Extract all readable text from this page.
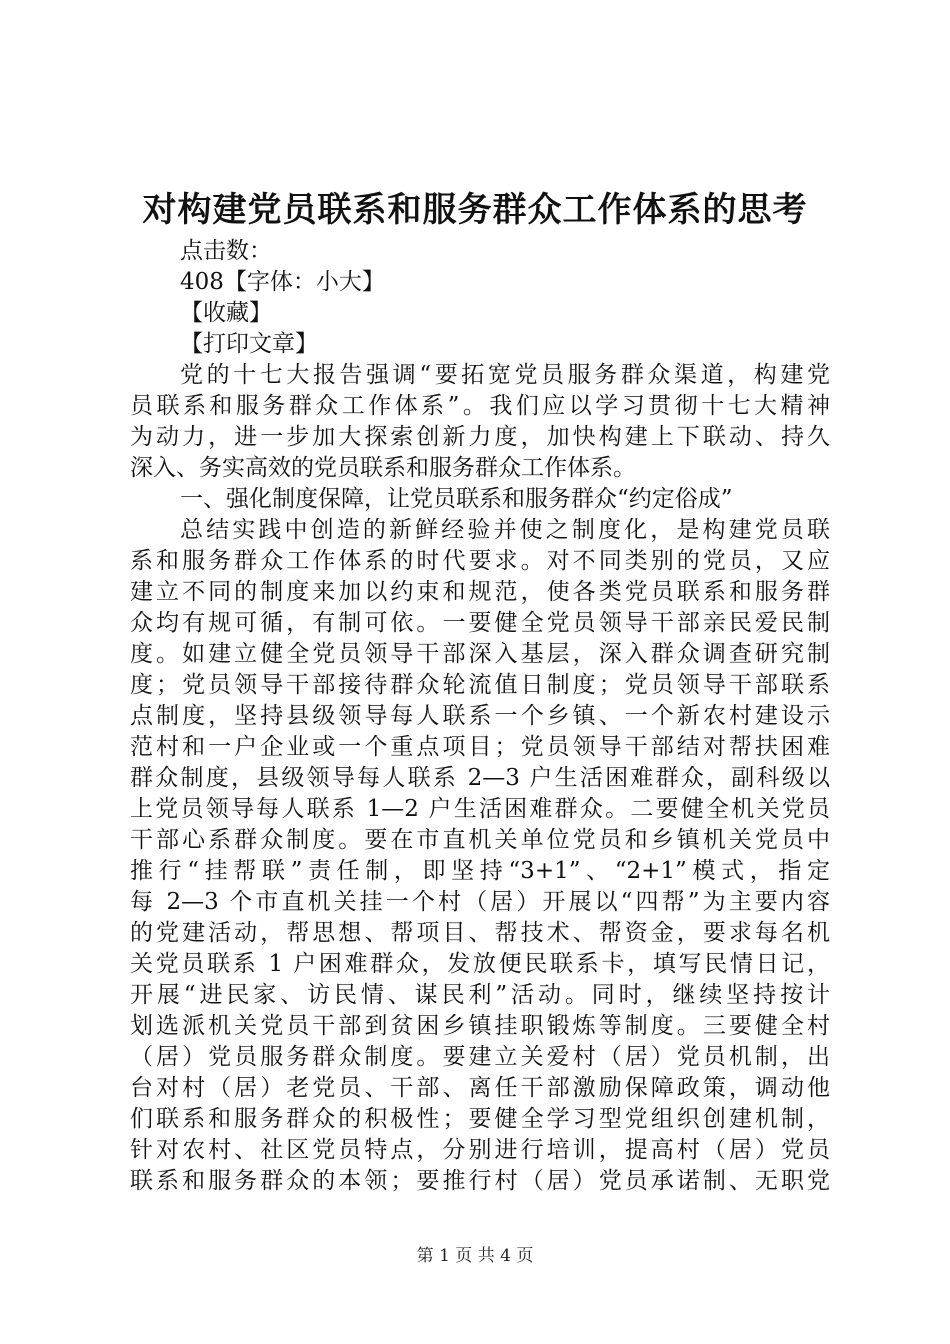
对构建党员联系和服务群众工作体系的思考
点击数：
408【字体：小大】
【收藏】
【打印文章】
党的十七大报告强调“要拓宽党员服务群众渠道，构建党
员联系和服务群众工作体系”。我们应以学习贯彻十七大精神
为动力，进一步加大探索创新力度，加快构建上下联动、持久
深入、务实高效的党员联系和服务群众工作体系。
一、强化制度保障，让党员联系和服务群众“约定俗成”
总结实践中创造的新鲜经验并使之制度化，是构建党员联
系和服务群众工作体系的时代要求。对不同类别的党员，又应
建立不同的制度来加以约束和规范，使各类党员联系和服务群
众均有规可循，有制可依。一要健全党员领导干部亲民爱民制
度。如建立健全党员领导干部深入基层，深入群众调查研究制
度；党员领导干部接待群众轮流值日制度；党员领导干部联系
点制度，坚持县级领导每人联系一个乡镇、一个新农村建设示
范村和一户企业或一个重点项目；党员领导干部结对帮扶困难
群众制度，县级领导每人联系 2—3 户生活困难群众，副科级以
上党员领导每人联系 1—2 户生活困难群众。二要健全机关党员
干部心系群众制度。要在市直机关单位党员和乡镇机关党员中
推行“挂帮联”责任制，即坚持“3+1”、“2+1”模式，指定
每 2—3 个市直机关挂一个村（居）开展以“四帮”为主要内容
的党建活动，帮思想、帮项目、帮技术、帮资金，要求每名机
关党员联系 1 户困难群众，发放便民联系卡，填写民情日记，
开展“进民家、访民情、谋民利”活动。同时，继续坚持按计
划选派机关党员干部到贫困乡镇挂职锻炼等制度。三要健全村
（居）党员服务群众制度。要建立关爱村（居）党员机制，出
台对村（居）老党员、干部、离任干部激励保障政策，调动他
们联系和服务群众的积极性；要健全学习型党组织创建机制，
针对农村、社区党员特点，分别进行培训，提高村（居）党员
联系和服务群众的本领；要推行村（居）党员承诺制、无职党
第 1 页 共 4 页
